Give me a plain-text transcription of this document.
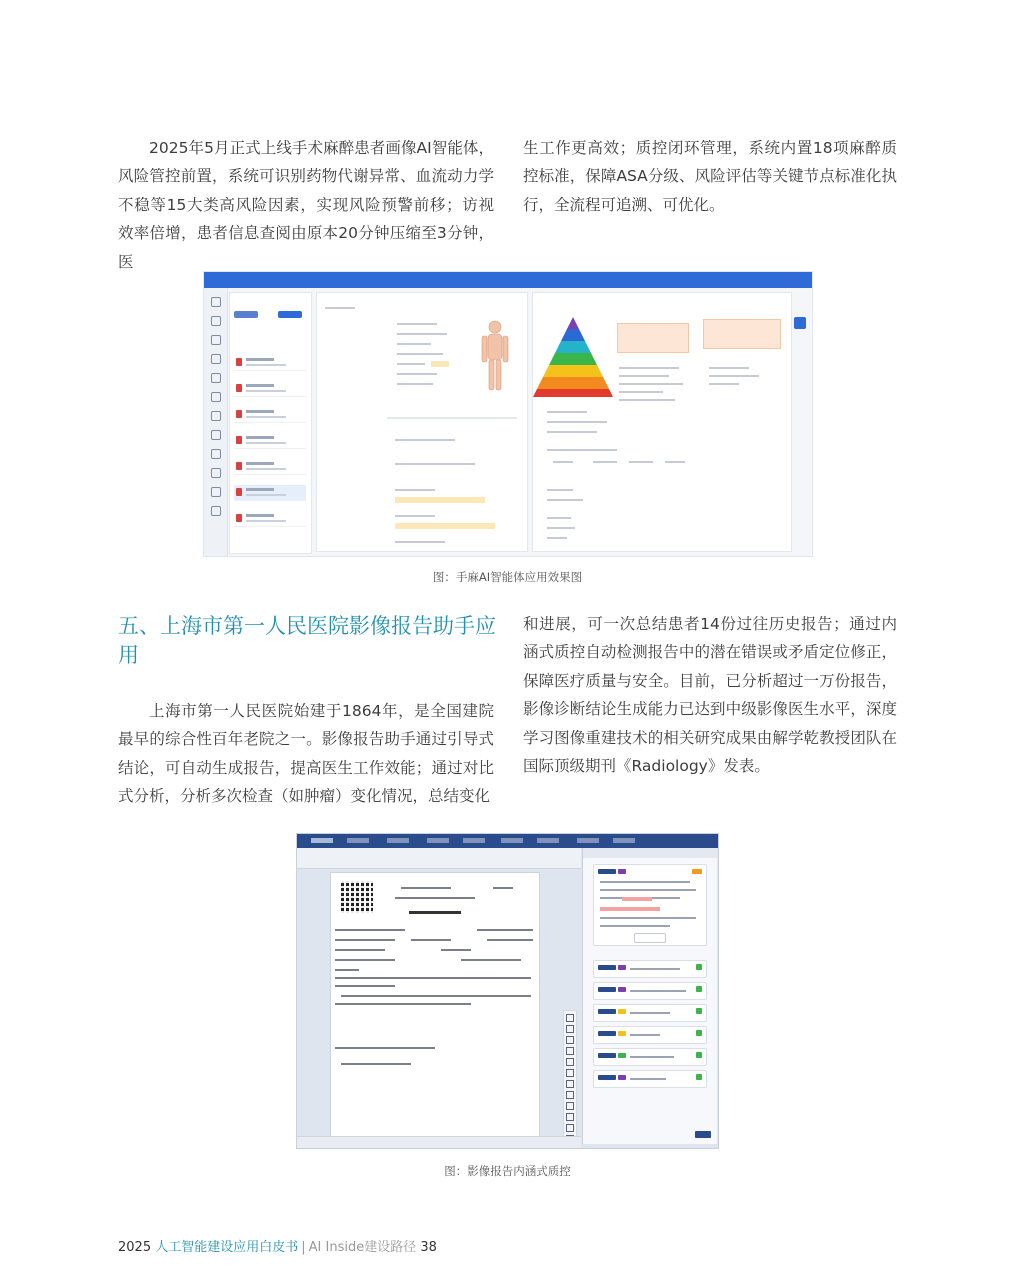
2025年5月正式上线手术麻醉患者画像AI智能体，风险管控前置，系统可识别药物代谢异常、血流动力学不稳等15大类高风险因素，实现风险预警前移；访视效率倍增，患者信息查阅由原本20分钟压缩至3分钟，医

生工作更高效；质控闭环管理，系统内置18项麻醉质控标准，保障ASA分级、风险评估等关键节点标准化执行，全流程可追溯、可优化。

图：手麻AI智能体应用效果图
五、上海市第一人民医院影像报告助手应用

上海市第一人民医院始建于1864年，是全国建院最早的综合性百年老院之一。影像报告助手通过引导式结论，可自动生成报告，提高医生工作效能；通过对比式分析，分析多次检查（如肿瘤）变化情况，总结变化

和进展，可一次总结患者14份过往历史报告；通过内涵式质控自动检测报告中的潜在错误或矛盾定位修正，保障医疗质量与安全。目前，已分析超过一万份报告，影像诊断结论生成能力已达到中级影像医生水平，深度学习图像重建技术的相关研究成果由解学乾教授团队在国际顶级期刊《Radiology》发表。

图：影像报告内涵式质控
2025 人工智能建设应用白皮书 | AI Inside建设路径 38
